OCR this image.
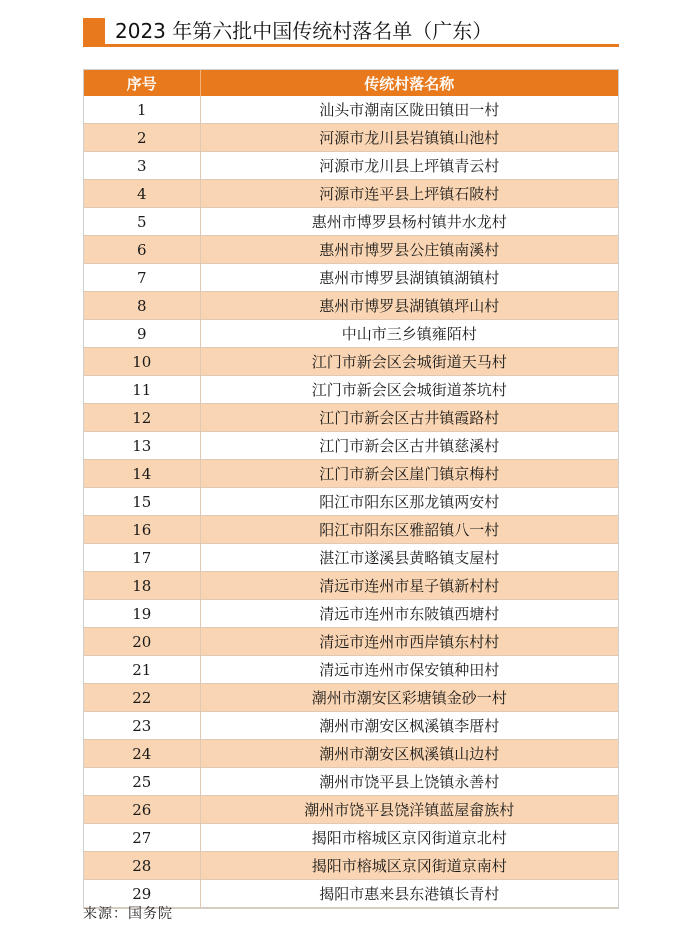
2023 年第六批中国传统村落名单（广东）
序号	传统村落名称
1	汕头市潮南区陇田镇田一村
2	河源市龙川县岩镇镇山池村
3	河源市龙川县上坪镇青云村
4	河源市连平县上坪镇石陂村
5	惠州市博罗县杨村镇井水龙村
6	惠州市博罗县公庄镇南溪村
7	惠州市博罗县湖镇镇湖镇村
8	惠州市博罗县湖镇镇坪山村
9	中山市三乡镇雍陌村
10	江门市新会区会城街道天马村
11	江门市新会区会城街道茶坑村
12	江门市新会区古井镇霞路村
13	江门市新会区古井镇慈溪村
14	江门市新会区崖门镇京梅村
15	阳江市阳东区那龙镇两安村
16	阳江市阳东区雅韶镇八一村
17	湛江市遂溪县黄略镇支屋村
18	清远市连州市星子镇新村村
19	清远市连州市东陂镇西塘村
20	清远市连州市西岸镇东村村
21	清远市连州市保安镇种田村
22	潮州市潮安区彩塘镇金砂一村
23	潮州市潮安区枫溪镇李厝村
24	潮州市潮安区枫溪镇山边村
25	潮州市饶平县上饶镇永善村
26	潮州市饶平县饶洋镇蓝屋畲族村
27	揭阳市榕城区京冈街道京北村
28	揭阳市榕城区京冈街道京南村
29	揭阳市惠来县东港镇长青村
来源：国务院
